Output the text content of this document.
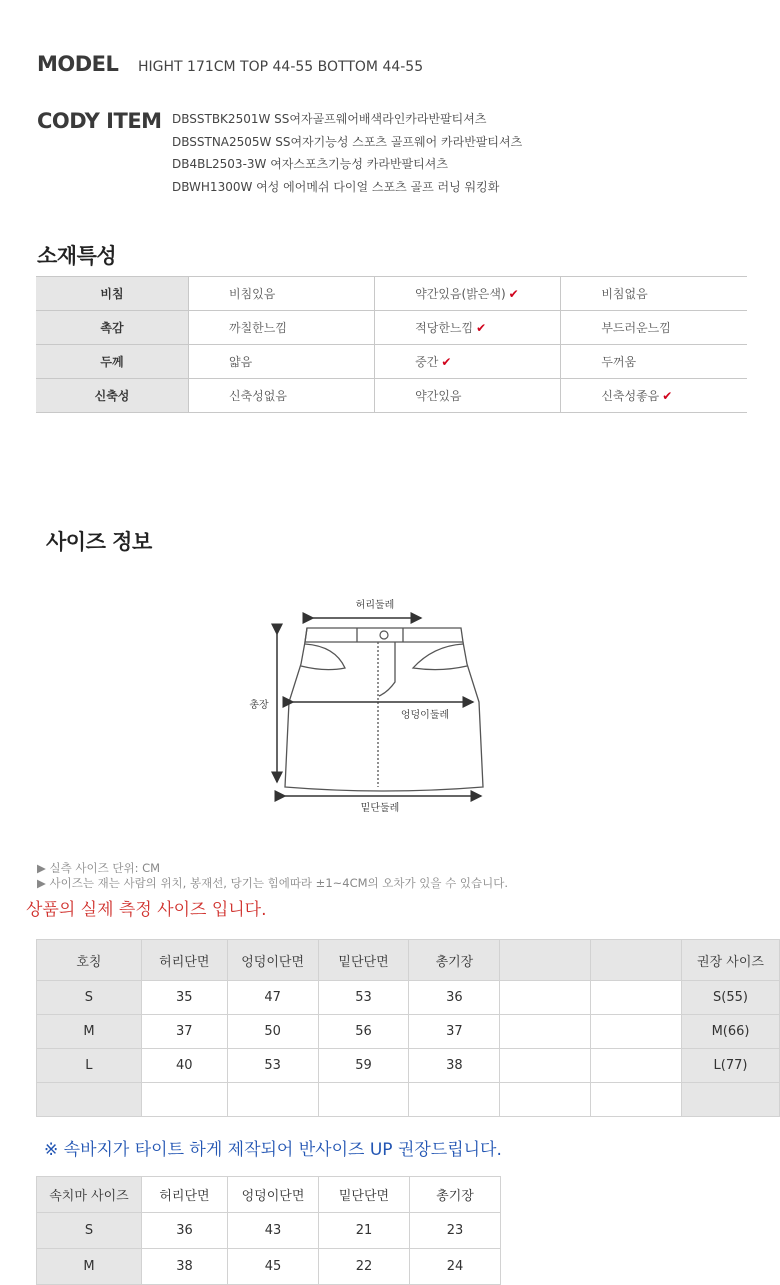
MODEL HIGHT 171CM TOP 44-55 BOTTOM 44-55
CODY ITEM DBSSTBK2501W SS여자골프웨어배색라인카라반팔티셔츠
DBSSTNA2505W SS여자기능성 스포츠 골프웨어 카라반팔티셔츠
DB4BL2503-3W 여자스포츠기능성 카라반팔티셔츠
DBWH1300W 여성 에어메쉬 다이얼 스포츠 골프 러닝 워킹화
소재특성
비침	비침있음	약간있음(밝은색) ✔	비침없음
촉감	까칠한느낌	적당한느낌 ✔	부드러운느낌
두께	얇음	중간 ✔	두꺼움
신축성	신축성없음	약간있음	신축성좋음 ✔
사이즈 정보
허리둘레
총장
엉덩이둘레
밑단둘레
▶ 실측 사이즈 단위: CM
▶ 사이즈는 재는 사람의 위치, 봉재선, 당기는 힘에따라 ±1~4CM의 오차가 있을 수 있습니다.
상품의 실제 측정 사이즈 입니다.
호칭	허리단면	엉덩이단면	밑단단면	총기장			권장 사이즈
S	35	47	53	36			S(55)
M	37	50	56	37			M(66)
L	40	53	59	38			L(77)

※ 속바지가 타이트 하게 제작되어 반사이즈 UP 권장드립니다.
속치마 사이즈	허리단면	엉덩이단면	밑단단면	총기장
S	36	43	21	23
M	38	45	22	24
